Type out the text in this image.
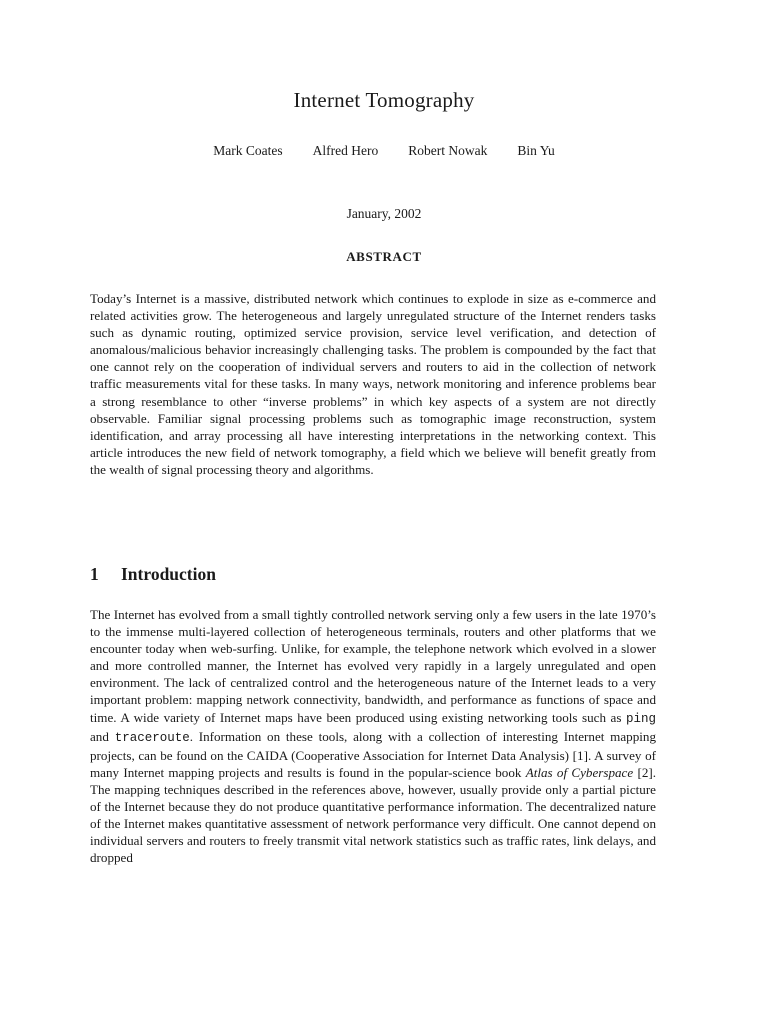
Internet Tomography
Mark Coates Alfred Hero Robert Nowak Bin Yu
January, 2002
ABSTRACT

Today’s Internet is a massive, distributed network which continues to explode in size as e-commerce and related activities grow. The heterogeneous and largely unregulated structure of the Internet renders tasks such as dynamic routing, optimized service provision, service level verification, and detection of anomalous/malicious behavior increasingly challenging tasks. The problem is compounded by the fact that one cannot rely on the cooperation of individual servers and routers to aid in the collection of network traffic measurements vital for these tasks. In many ways, network monitoring and inference problems bear a strong resemblance to other “inverse problems” in which key aspects of a system are not directly observable. Familiar signal processing problems such as tomographic image reconstruction, system identification, and array processing all have interesting interpretations in the networking context. This article introduces the new field of network tomography, a field which we believe will benefit greatly from the wealth of signal processing theory and algorithms.

1 Introduction

The Internet has evolved from a small tightly controlled network serving only a few users in the late 1970’s to the immense multi-layered collection of heterogeneous terminals, routers and other platforms that we encounter today when web-surfing. Unlike, for example, the telephone network which evolved in a slower and more controlled manner, the Internet has evolved very rapidly in a largely unregulated and open environment. The lack of centralized control and the heterogeneous nature of the Internet leads to a very important problem: mapping network connectivity, bandwidth, and performance as functions of space and time. A wide variety of Internet maps have been produced using existing networking tools such as ping and traceroute. Information on these tools, along with a collection of interesting Internet mapping projects, can be found on the CAIDA (Cooperative Association for Internet Data Analysis) [1]. A survey of many Internet mapping projects and results is found in the popular-science book Atlas of Cyberspace [2]. The mapping techniques described in the references above, however, usually provide only a partial picture of the Internet because they do not produce quantitative performance information. The decentralized nature of the Internet makes quantitative assessment of network performance very difficult. One cannot depend on individual servers and routers to freely transmit vital network statistics such as traffic rates, link delays, and dropped
